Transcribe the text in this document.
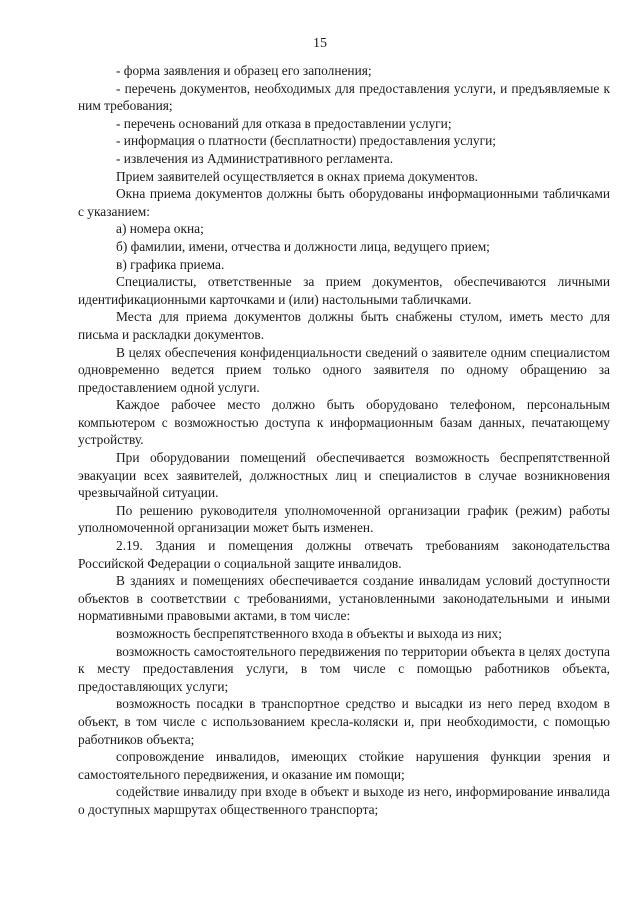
15

- форма заявления и образец его заполнения;

- перечень документов, необходимых для предоставления услуги, и предъявляемые к ним требования;

- перечень оснований для отказа в предоставлении услуги;

- информация о платности (бесплатности) предоставления услуги;

- извлечения из Административного регламента.

Прием заявителей осуществляется в окнах приема документов.

Окна приема документов должны быть оборудованы информационными табличками с указанием:

а) номера окна;

б) фамилии, имени, отчества и должности лица, ведущего прием;

в) графика приема.

Специалисты, ответственные за прием документов, обеспечиваются личными идентификационными карточками и (или) настольными табличками.

Места для приема документов должны быть снабжены стулом, иметь место для письма и раскладки документов.

В целях обеспечения конфиденциальности сведений о заявителе одним специалистом одновременно ведется прием только одного заявителя по одному обращению за предоставлением одной услуги.

Каждое рабочее место должно быть оборудовано телефоном, персональным компьютером с возможностью доступа к информационным базам данных, печатающему устройству.

При оборудовании помещений обеспечивается возможность беспрепятственной эвакуации всех заявителей, должностных лиц и специалистов в случае возникновения чрезвычайной ситуации.

По решению руководителя уполномоченной организации график (режим) работы уполномоченной организации может быть изменен.

2.19. Здания и помещения должны отвечать требованиям законодательства Российской Федерации о социальной защите инвалидов.

В зданиях и помещениях обеспечивается создание инвалидам условий доступности объектов в соответствии с требованиями, установленными законодательными и иными нормативными правовыми актами, в том числе:

возможность беспрепятственного входа в объекты и выхода из них;

возможность самостоятельного передвижения по территории объекта в целях доступа к месту предоставления услуги, в том числе с помощью работников объекта, предоставляющих услуги;

возможность посадки в транспортное средство и высадки из него перед входом в объект, в том числе с использованием кресла-коляски и, при необходимости, с помощью работников объекта;

сопровождение инвалидов, имеющих стойкие нарушения функции зрения и самостоятельного передвижения, и оказание им помощи;

содействие инвалиду при входе в объект и выходе из него, информирование инвалида о доступных маршрутах общественного транспорта;
